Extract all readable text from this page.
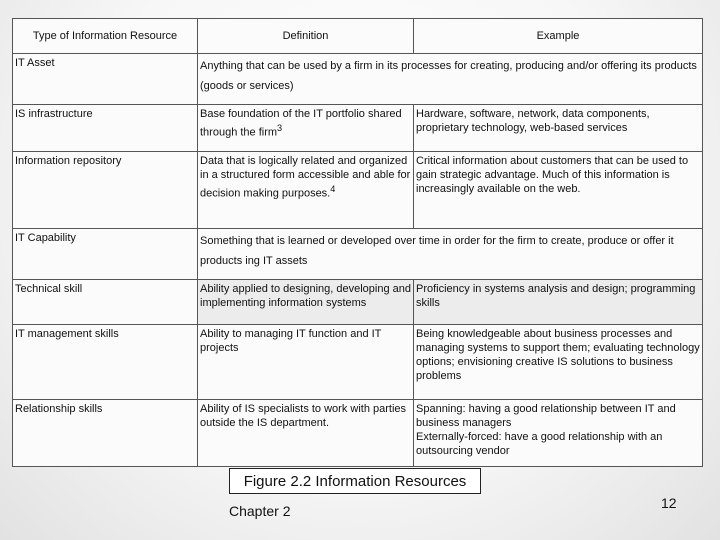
Type of Information Resource	Definition	Example
IT Asset	Anything that can be used by a firm in its processes for creating, producing and/or offering its products (goods or services)	
IS infrastructure	Base foundation of the IT portfolio shared through the firm$^3$	Hardware, software, network, data components, proprietary technology, web-based services
Information repository	Data that is logically related and organized in a structured form accessible and able for decision making purposes.$^4$	Critical information about customers that can be used to gain strategic advantage. Much of this information is increasingly available on the web.
IT Capability	Something that is learned or developed over time in order for the firm to create, produce or offer it products ing IT assets	
Technical skill	Ability applied to designing, developing and implementing information systems	Proficiency in systems analysis and design; programming skills
IT management skills	Ability to managing IT function and IT projects	Being knowledgeable about business processes and managing systems to support them; evaluating technology options; envisioning creative IS solutions to business problems
Relationship skills	Ability of IS specialists to work with parties outside the IS department.	Spanning: having a good relationship between IT and business managers
Externally-forced: have a good relationship with an outsourcing vendor
Figure 2.2 Information Resources
Chapter 2	12
